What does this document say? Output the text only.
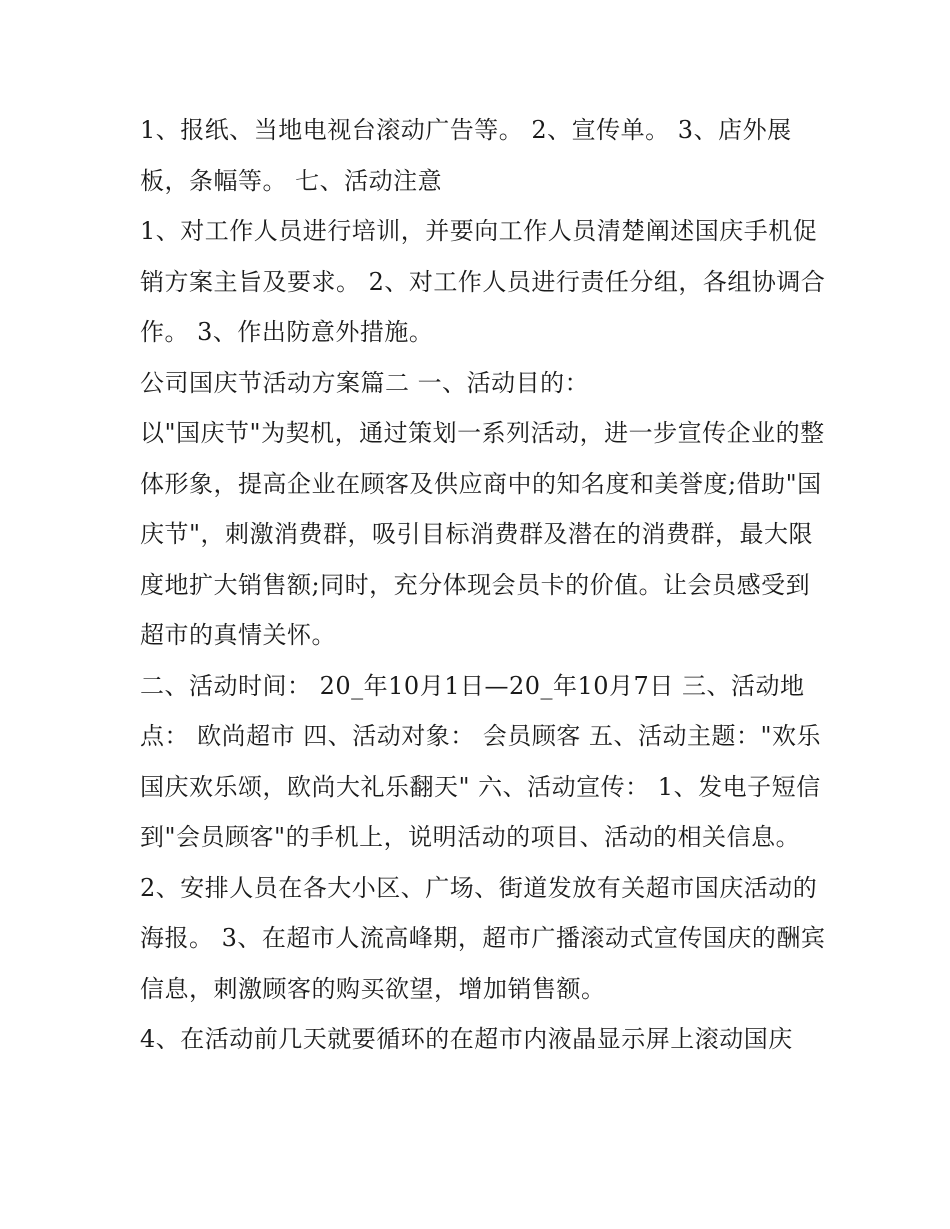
1、报纸、当地电视台滚动广告等。 2、宣传单。 3、店外展板，条幅等。 七、活动注意

1、对工作人员进行培训，并要向工作人员清楚阐述国庆手机促销方案主旨及要求。 2、对工作人员进行责任分组，各组协调合作。 3、作出防意外措施。

公司国庆节活动方案篇二 一、活动目的：

以"国庆节"为契机，通过策划一系列活动，进一步宣传企业的整体形象，提高企业在顾客及供应商中的知名度和美誉度;借助"国庆节"，刺激消费群，吸引目标消费群及潜在的消费群，最大限度地扩大销售额;同时，充分体现会员卡的价值。让会员感受到超市的真情关怀。

二、活动时间： 20_年10月1日—20_年10月7日 三、活动地点： 欧尚超市 四、活动对象： 会员顾客 五、活动主题："欢乐国庆欢乐颂，欧尚大礼乐翻天" 六、活动宣传： 1、发电子短信到"会员顾客"的手机上，说明活动的项目、活动的相关信息。

2、安排人员在各大小区、广场、街道发放有关超市国庆活动的海报。 3、在超市人流高峰期，超市广播滚动式宣传国庆的酬宾信息，刺激顾客的购买欲望，增加销售额。

4、在活动前几天就要循环的在超市内液晶显示屏上滚动国庆
